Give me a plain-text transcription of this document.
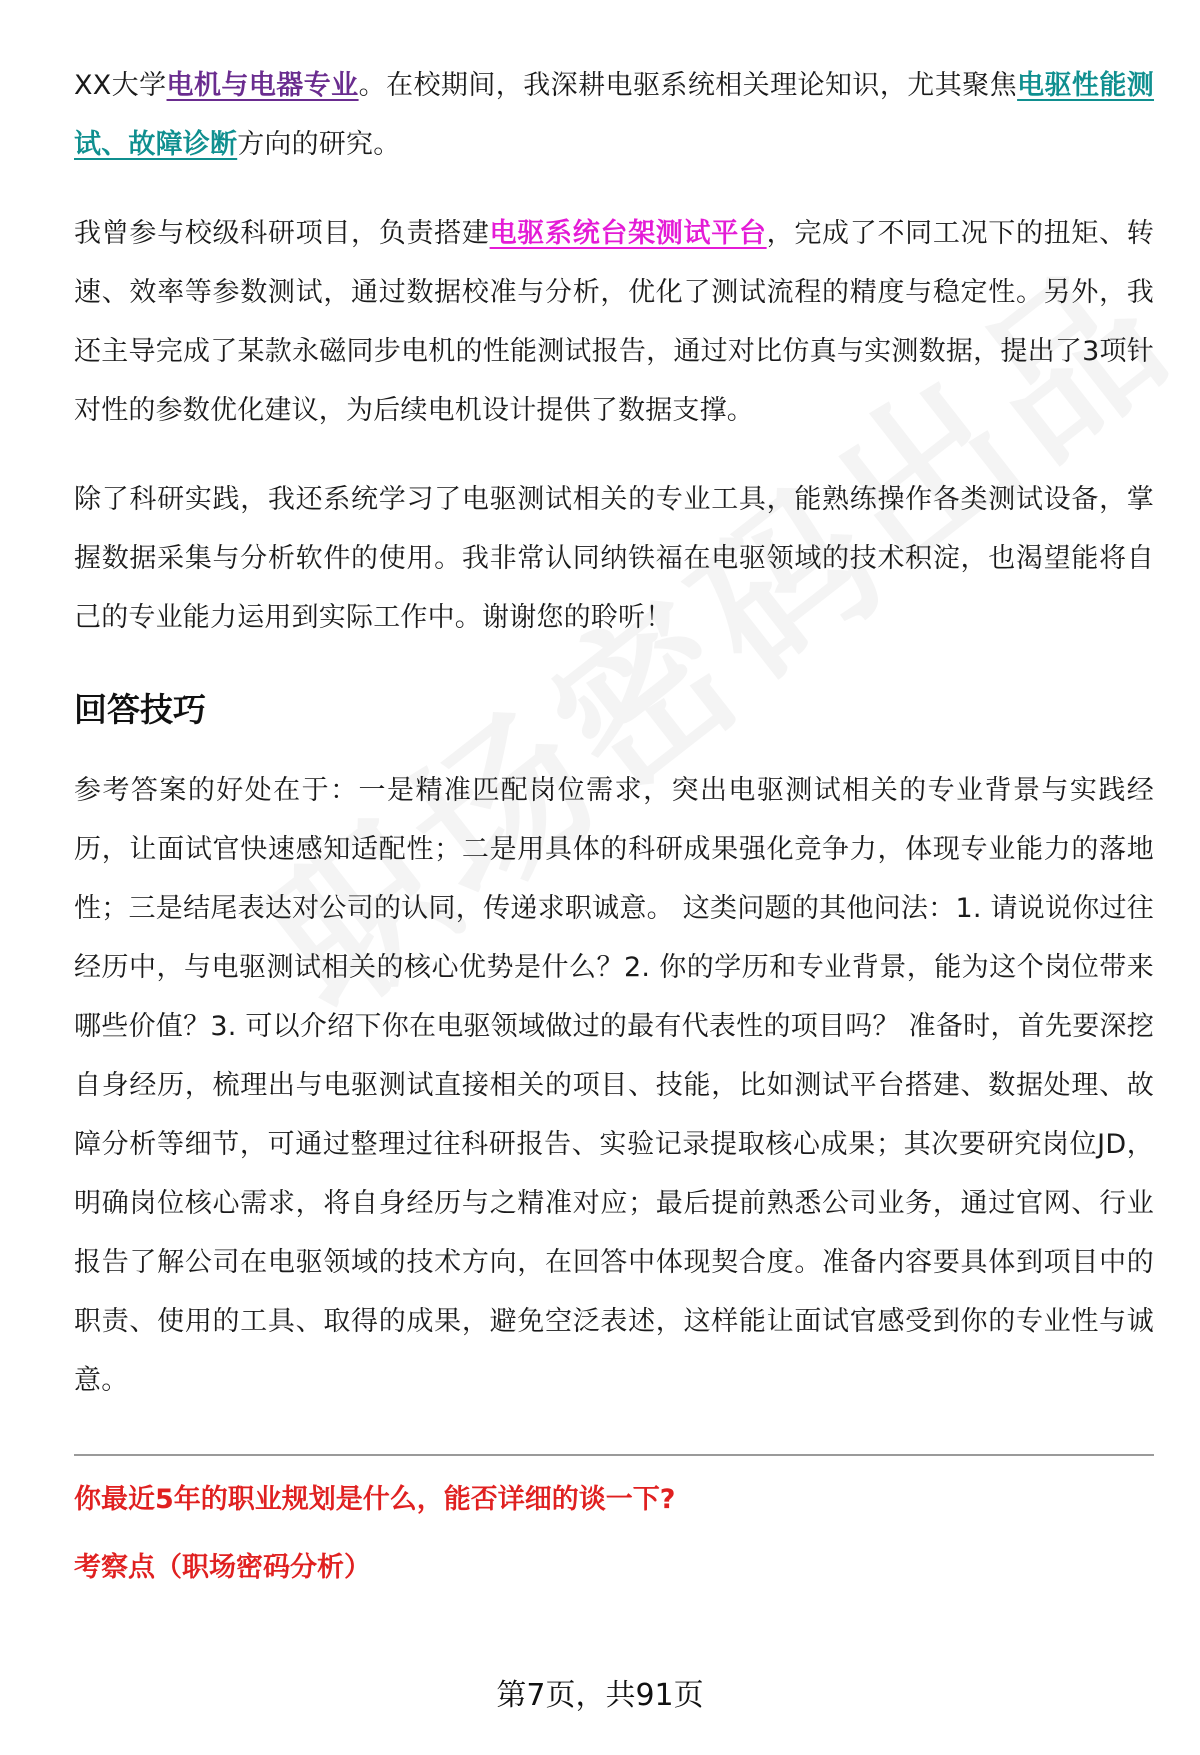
XX大学电机与电器专业。在校期间，我深耕电驱系统相关理论知识，尤其聚焦电驱性能测试、故障诊断方向的研究。

我曾参与校级科研项目，负责搭建电驱系统台架测试平台，完成了不同工况下的扭矩、转速、效率等参数测试，通过数据校准与分析，优化了测试流程的精度与稳定性。另外，我还主导完成了某款永磁同步电机的性能测试报告，通过对比仿真与实测数据，提出了3项针对性的参数优化建议，为后续电机设计提供了数据支撑。

除了科研实践，我还系统学习了电驱测试相关的专业工具，能熟练操作各类测试设备，掌握数据采集与分析软件的使用。我非常认同纳铁福在电驱领域的技术积淀，也渴望能将自己的专业能力运用到实际工作中。谢谢您的聆听！

回答技巧

参考答案的好处在于：一是精准匹配岗位需求，突出电驱测试相关的专业背景与实践经历，让面试官快速感知适配性；二是用具体的科研成果强化竞争力，体现专业能力的落地性；三是结尾表达对公司的认同，传递求职诚意。 这类问题的其他问法：1. 请说说你过往经历中，与电驱测试相关的核心优势是什么？2. 你的学历和专业背景，能为这个岗位带来哪些价值？3. 可以介绍下你在电驱领域做过的最有代表性的项目吗？ 准备时，首先要深挖自身经历，梳理出与电驱测试直接相关的项目、技能，比如测试平台搭建、数据处理、故障分析等细节，可通过整理过往科研报告、实验记录提取核心成果；其次要研究岗位JD，明确岗位核心需求，将自身经历与之精准对应；最后提前熟悉公司业务，通过官网、行业报告了解公司在电驱领域的技术方向，在回答中体现契合度。准备内容要具体到项目中的职责、使用的工具、取得的成果，避免空泛表述，这样能让面试官感受到你的专业性与诚意。

你最近5年的职业规划是什么，能否详细的谈一下?

考察点（职场密码分析）

第7页，共91页
